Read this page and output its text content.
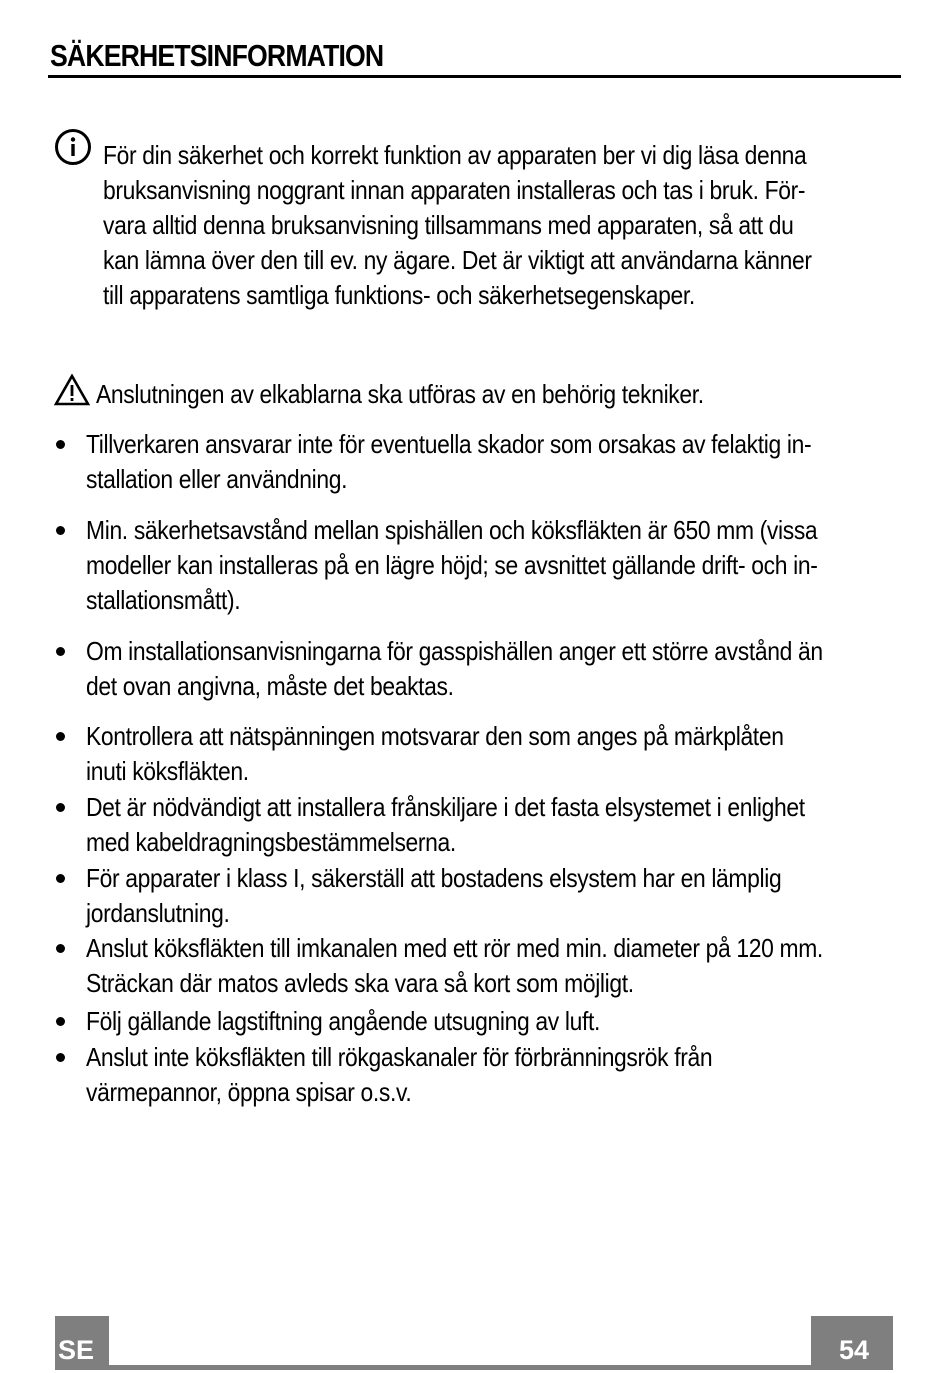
SÄKERHETSINFORMATION
För din säkerhet och korrekt funktion av apparaten ber vi dig läsa denna
bruksanvisning noggrant innan apparaten installeras och tas i bruk. För-
vara alltid denna bruksanvisning tillsammans med apparaten, så att du
kan lämna över den till ev. ny ägare. Det är viktigt att användarna känner
till apparatens samtliga funktions- och säkerhetsegenskaper.
Anslutningen av elkablarna ska utföras av en behörig tekniker.
Tillverkaren ansvarar inte för eventuella skador som orsakas av felaktig in-
stallation eller användning.
Min. säkerhetsavstånd mellan spishällen och köksfläkten är 650 mm (vissa
modeller kan installeras på en lägre höjd; se avsnittet gällande drift- och in-
stallationsmått).
Om installationsanvisningarna för gasspishällen anger ett större avstånd än
det ovan angivna, måste det beaktas.
Kontrollera att nätspänningen motsvarar den som anges på märkplåten
inuti köksfläkten.
Det är nödvändigt att installera frånskiljare i det fasta elsystemet i enlighet
med kabeldragningsbestämmelserna.
För apparater i klass I, säkerställ att bostadens elsystem har en lämplig
jordanslutning.
Anslut köksfläkten till imkanalen med ett rör med min. diameter på 120 mm.
Sträckan där matos avleds ska vara så kort som möjligt.
Följ gällande lagstiftning angående utsugning av luft.
Anslut inte köksfläkten till rökgaskanaler för förbränningsrök från
värmepannor, öppna spisar o.s.v.
SE	54
